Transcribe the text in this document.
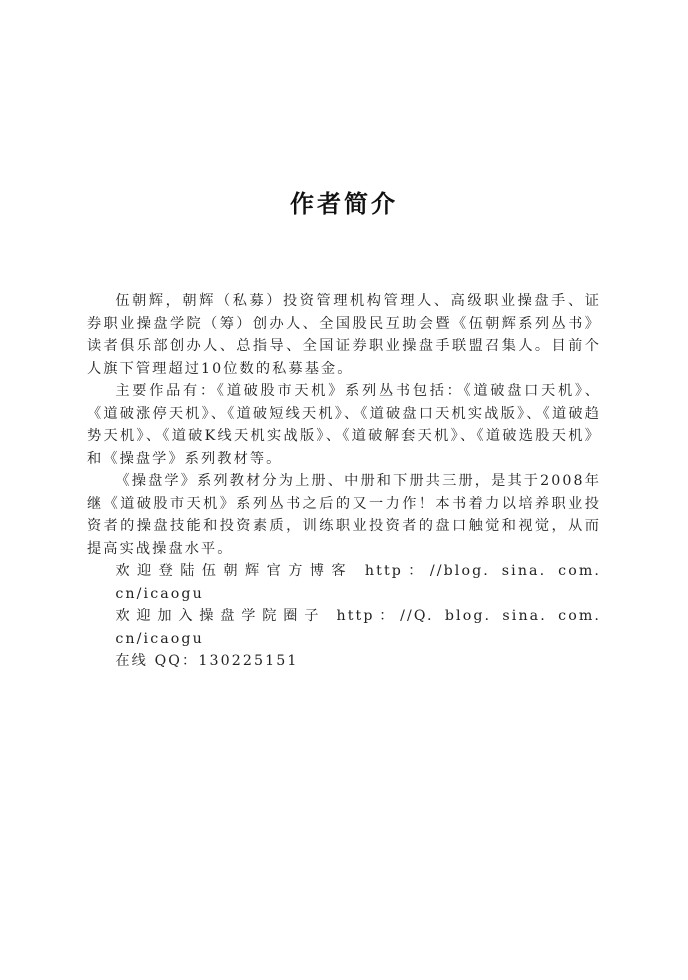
作者简介

伍朝辉，朝辉（私募）投资管理机构管理人、高级职业操盘手、证券职业操盘学院（筹）创办人、全国股民互助会暨《伍朝辉系列丛书》读者俱乐部创办人、总指导、全国证券职业操盘手联盟召集人。目前个人旗下管理超过10位数的私募基金。

主要作品有：《道破股市天机》系列丛书包括：《道破盘口天机》、《道破涨停天机》、《道破短线天机》、《道破盘口天机实战版》、《道破趋势天机》、《道破K线天机实战版》、《道破解套天机》、《道破选股天机》和《操盘学》系列教材等。

《操盘学》系列教材分为上册、中册和下册共三册，是其于2008年继《道破股市天机》系列丛书之后的又一力作！本书着力以培养职业投资者的操盘技能和投资素质，训练职业投资者的盘口触觉和视觉，从而提高实战操盘水平。

欢迎登陆伍朝辉官方博客 http：//blog. sina. com. cn/icaogu

欢迎加入操盘学院圈子 http：//Q. blog. sina. com. cn/icaogu

在线 QQ：130225151
